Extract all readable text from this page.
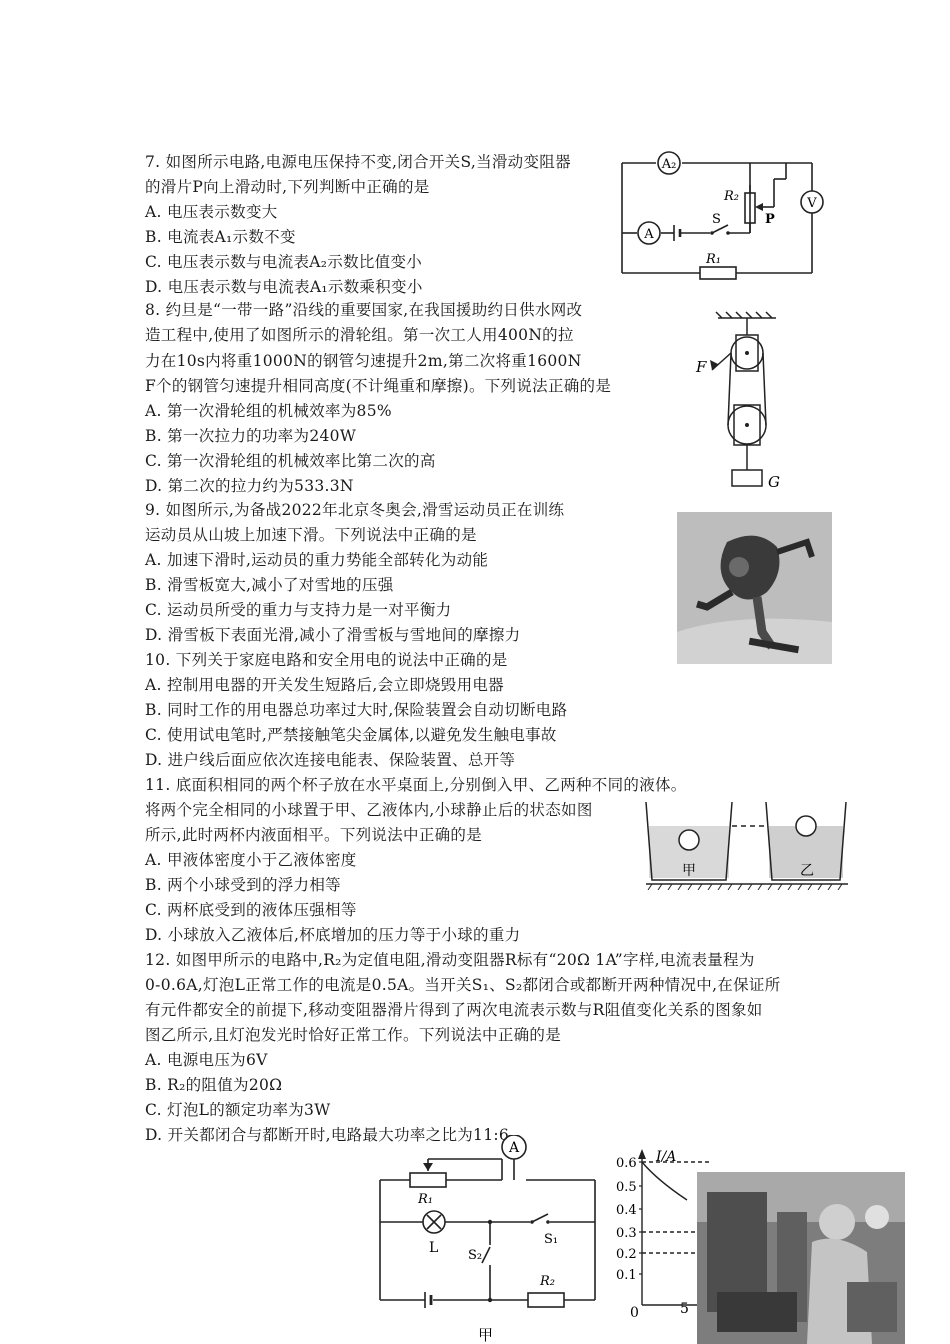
7. 如图所示电路,电源电压保持不变,闭合开关S,当滑动变阻器
的滑片P向上滑动时,下列判断中正确的是
A. 电压表示数变大
B. 电流表A₁示数不变
C. 电压表示数与电流表A₂示数比值变小
D. 电压表示数与电流表A₁示数乘积变小
A₂
A
V
R₂
P
S
R₁
8. 约旦是“一带一路”沿线的重要国家,在我国援助约日供水网改
造工程中,使用了如图所示的滑轮组。第一次工人用400N的拉
力在10s内将重1000N的钢管匀速提升2m,第二次将重1600N
F个的钢管匀速提升相同高度(不计绳重和摩擦)。下列说法正确的是
A. 第一次滑轮组的机械效率为85%
B. 第一次拉力的功率为240W
C. 第一次滑轮组的机械效率比第二次的高
D. 第二次的拉力约为533.3N
F
G
9. 如图所示,为备战2022年北京冬奥会,滑雪运动员正在训练
运动员从山坡上加速下滑。下列说法中正确的是
A. 加速下滑时,运动员的重力势能全部转化为动能
B. 滑雪板宽大,减小了对雪地的压强
C. 运动员所受的重力与支持力是一对平衡力
D. 滑雪板下表面光滑,减小了滑雪板与雪地间的摩擦力
10. 下列关于家庭电路和安全用电的说法中正确的是
A. 控制用电器的开关发生短路后,会立即烧毁用电器
B. 同时工作的用电器总功率过大时,保险装置会自动切断电路
C. 使用试电笔时,严禁接触笔尖金属体,以避免发生触电事故
D. 进户线后面应依次连接电能表、保险装置、总开等
11. 底面积相同的两个杯子放在水平桌面上,分别倒入甲、乙两种不同的液体。
将两个完全相同的小球置于甲、乙液体内,小球静止后的状态如图
所示,此时两杯内液面相平。下列说法中正确的是
A. 甲液体密度小于乙液体密度
B. 两个小球受到的浮力相等
C. 两杯底受到的液体压强相等
D. 小球放入乙液体后,杯底增加的压力等于小球的重力
甲	乙
12. 如图甲所示的电路中,R₂为定值电阻,滑动变阻器R标有“20Ω 1A”字样,电流表量程为
0-0.6A,灯泡L正常工作的电流是0.5A。当开关S₁、S₂都闭合或都断开两种情况中,在保证所
有元件都安全的前提下,移动变阻器滑片得到了两次电流表示数与R阻值变化关系的图象如
图乙所示,且灯泡发光时恰好正常工作。下列说法中正确的是
A. 电源电压为6V
B. R₂的阻值为20Ω
C. 灯泡L的额定功率为3W
D. 开关都闭合与都断开时,电路最大功率之比为11:6
A
R₁
L S₂
S₁
R₂
甲
I/A
0.6
0.5
0.4
0.3
0.2
0.1
0	5
